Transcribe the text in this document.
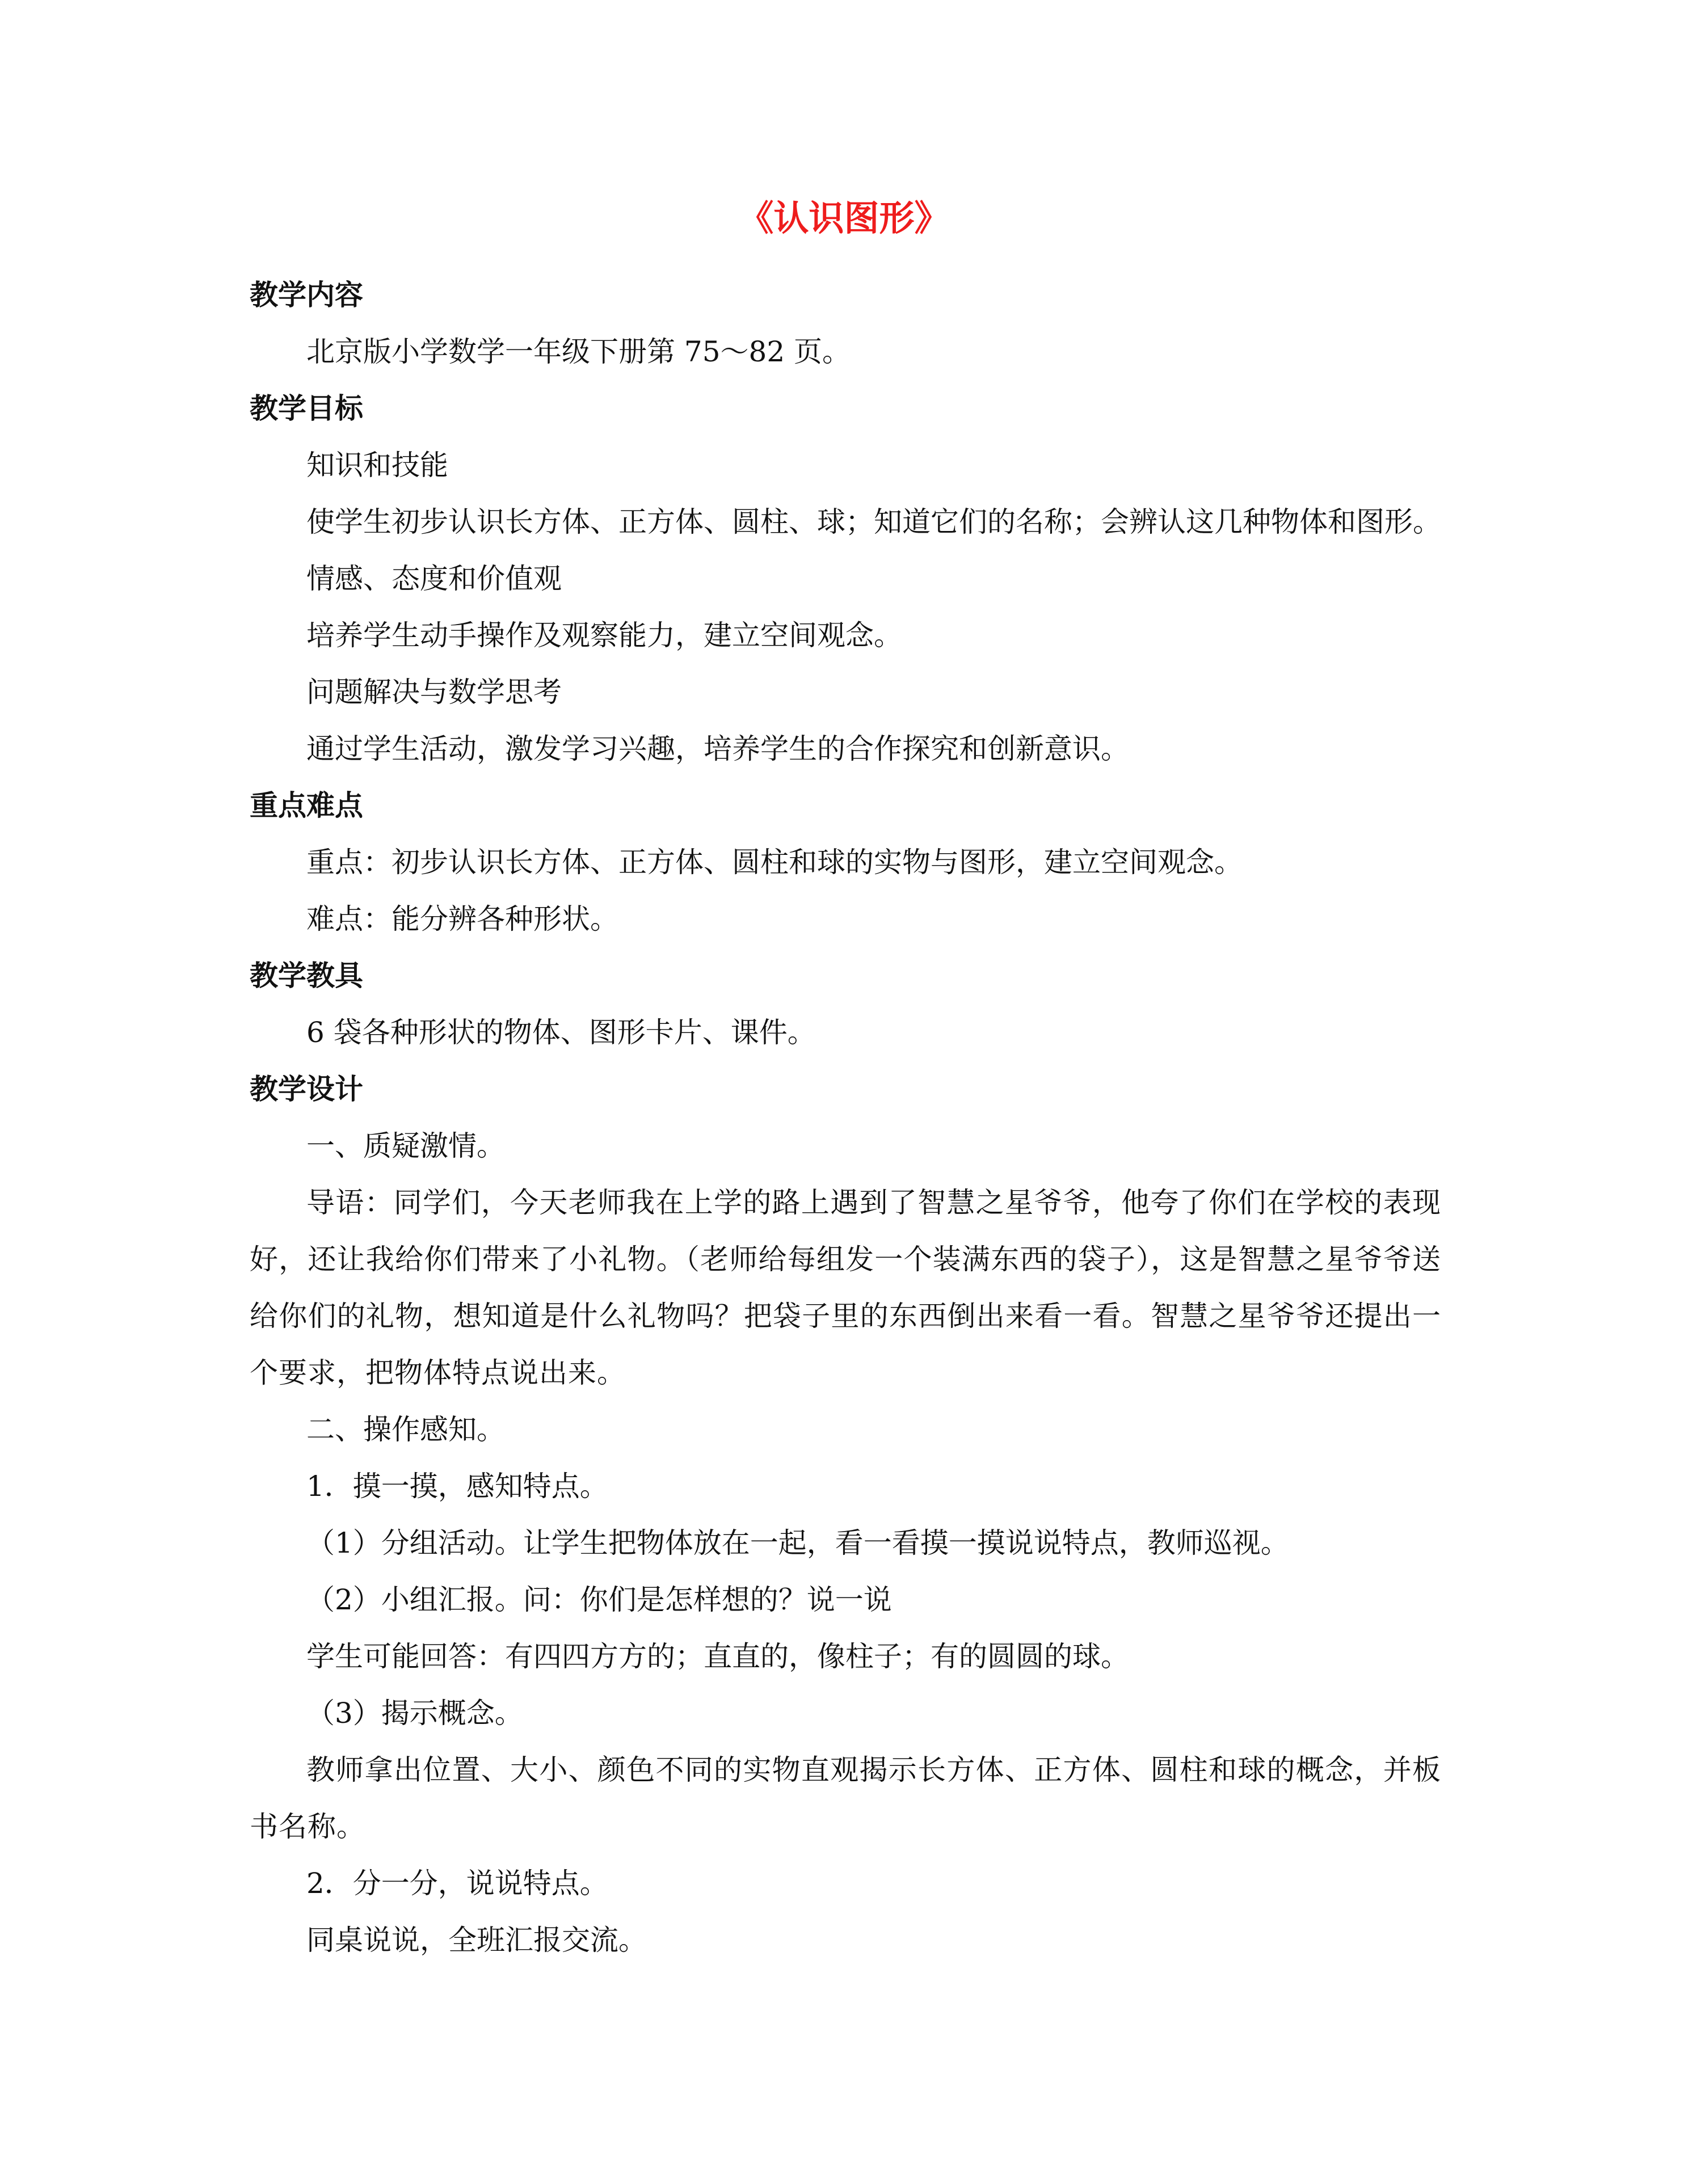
《认识图形》
教学内容
北京版小学数学一年级下册第 75～82 页。
教学目标
知识和技能
使学生初步认识长方体、正方体、圆柱、球；知道它们的名称；会辨认这几种物体和图形。
情感、态度和价值观
培养学生动手操作及观察能力，建立空间观念。
问题解决与数学思考
通过学生活动，激发学习兴趣，培养学生的合作探究和创新意识。
重点难点
重点：初步认识长方体、正方体、圆柱和球的实物与图形，建立空间观念。
难点：能分辨各种形状。
教学教具
6 袋各种形状的物体、图形卡片、课件。
教学设计
一、质疑激情。
导语：同学们，今天老师我在上学的路上遇到了智慧之星爷爷，他夸了你们在学校的表现好，还让我给你们带来了小礼物。（老师给每组发一个装满东西的袋子），这是智慧之星爷爷送给你们的礼物，想知道是什么礼物吗？把袋子里的东西倒出来看一看。智慧之星爷爷还提出一个要求，把物体特点说出来。
二、操作感知。
1．摸一摸，感知特点。
（1）分组活动。让学生把物体放在一起，看一看摸一摸说说特点，教师巡视。
（2）小组汇报。问：你们是怎样想的？说一说
学生可能回答：有四四方方的；直直的，像柱子；有的圆圆的球。
（3）揭示概念。
教师拿出位置、大小、颜色不同的实物直观揭示长方体、正方体、圆柱和球的概念，并板书名称。
2．分一分，说说特点。
同桌说说，全班汇报交流。
